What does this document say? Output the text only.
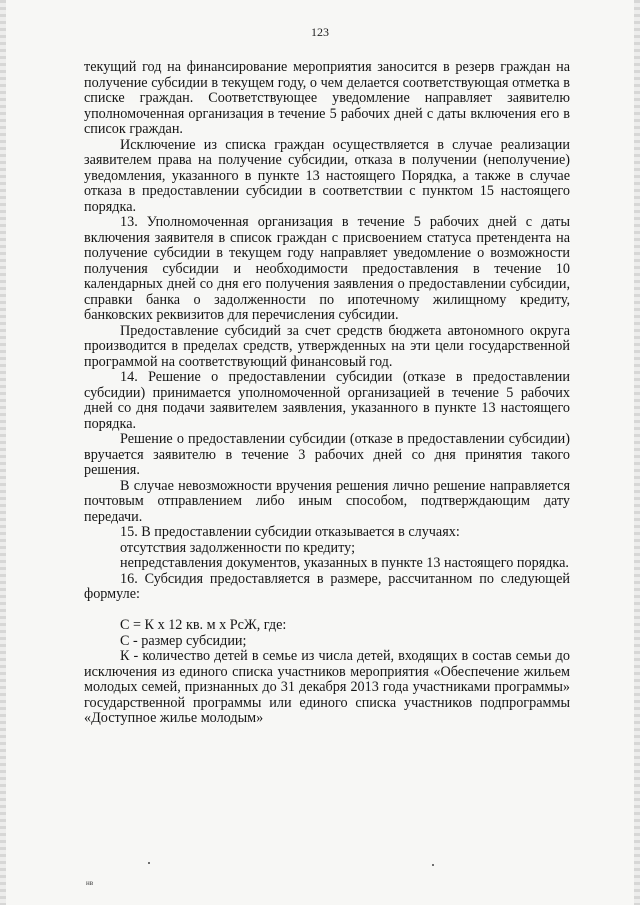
123

текущий год на финансирование мероприятия заносится в резерв граждан на получение субсидии в текущем году, о чем делается соответствующая отметка в списке граждан. Соответствующее уведомление направляет заявителю уполномоченная организация в течение 5 рабочих дней с даты включения его в список граждан.

Исключение из списка граждан осуществляется в случае реализации заявителем права на получение субсидии, отказа в получении (неполучение) уведомления, указанного в пункте 13 настоящего Порядка, а также в случае отказа в предоставлении субсидии в соответствии с пунктом 15 настоящего порядка.

13. Уполномоченная организация в течение 5 рабочих дней с даты включения заявителя в список граждан с присвоением статуса претендента на получение субсидии в текущем году направляет уведомление о возможности получения субсидии и необходимости предоставления в течение 10 календарных дней со дня его получения заявления о предоставлении субсидии, справки банка о задолженности по ипотечному жилищному кредиту, банковских реквизитов для перечисления субсидии.

Предоставление субсидий за счет средств бюджета автономного округа производится в пределах средств, утвержденных на эти цели государственной программой на соответствующий финансовый год.

14. Решение о предоставлении субсидии (отказе в предоставлении субсидии) принимается уполномоченной организацией в течение 5 рабочих дней со дня подачи заявителем заявления, указанного в пункте 13 настоящего порядка.

Решение о предоставлении субсидии (отказе в предоставлении субсидии) вручается заявителю в течение 3 рабочих дней со дня принятия такого решения.

В случае невозможности вручения решения лично решение направляется почтовым отправлением либо иным способом, подтверждающим дату передачи.

15. В предоставлении субсидии отказывается в случаях:

отсутствия задолженности по кредиту;

непредставления документов, указанных в пункте 13 настоящего порядка.

16. Субсидия предоставляется в размере, рассчитанном по следующей формуле:

С = К х 12 кв. м х РсЖ, где:

С - размер субсидии;

К - количество детей в семье из числа детей, входящих в состав семьи до исключения из единого списка участников мероприятия «Обеспечение жильем молодых семей, признанных до 31 декабря 2013 года участниками программы» государственной программы или единого списка участников подпрограммы «Доступное жилье молодым»

нв
